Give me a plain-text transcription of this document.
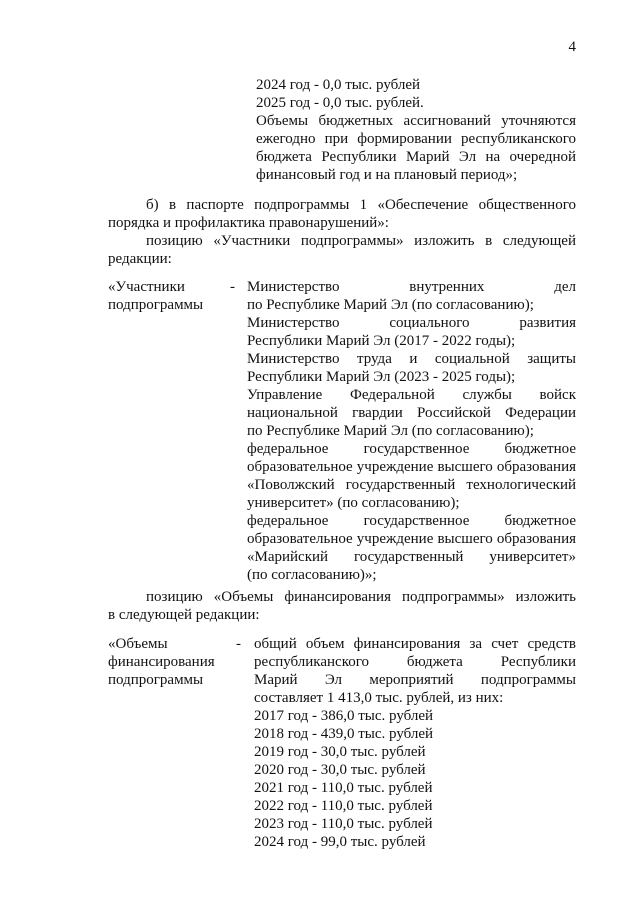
4
2024 год - 0,0 тыс. рублей
2025 год - 0,0 тыс. рублей.
Объемы бюджетных ассигнований уточняются
ежегодно при формировании республиканского
бюджета Республики Марий Эл на очередной
финансовый год и на плановый период»;
б) в паспорте подпрограммы 1 «Обеспечение общественного
порядка и профилактика правонарушений»:
позицию «Участники подпрограммы» изложить в следующей
редакции:
«Участники
подпрограммы
- Министерство внутренних дел
по Республике Марий Эл (по согласованию);
Министерство социального развития
Республики Марий Эл (2017 - 2022 годы);
Министерство труда и социальной защиты
Республики Марий Эл (2023 - 2025 годы);
Управление Федеральной службы войск
национальной гвардии Российской Федерации
по Республике Марий Эл (по согласованию);
федеральное государственное бюджетное
образовательное учреждение высшего образования
«Поволжский государственный технологический
университет» (по согласованию);
федеральное государственное бюджетное
образовательное учреждение высшего образования
«Марийский государственный университет»
(по согласованию)»;
позицию «Объемы финансирования подпрограммы» изложить
в следующей редакции:
«Объемы
финансирования
подпрограммы
- общий объем финансирования за счет средств
республиканского бюджета Республики
Марий Эл мероприятий подпрограммы
составляет 1 413,0 тыс. рублей, из них:
2017 год - 386,0 тыс. рублей
2018 год - 439,0 тыс. рублей
2019 год - 30,0 тыс. рублей
2020 год - 30,0 тыс. рублей
2021 год - 110,0 тыс. рублей
2022 год - 110,0 тыс. рублей
2023 год - 110,0 тыс. рублей
2024 год - 99,0 тыс. рублей
